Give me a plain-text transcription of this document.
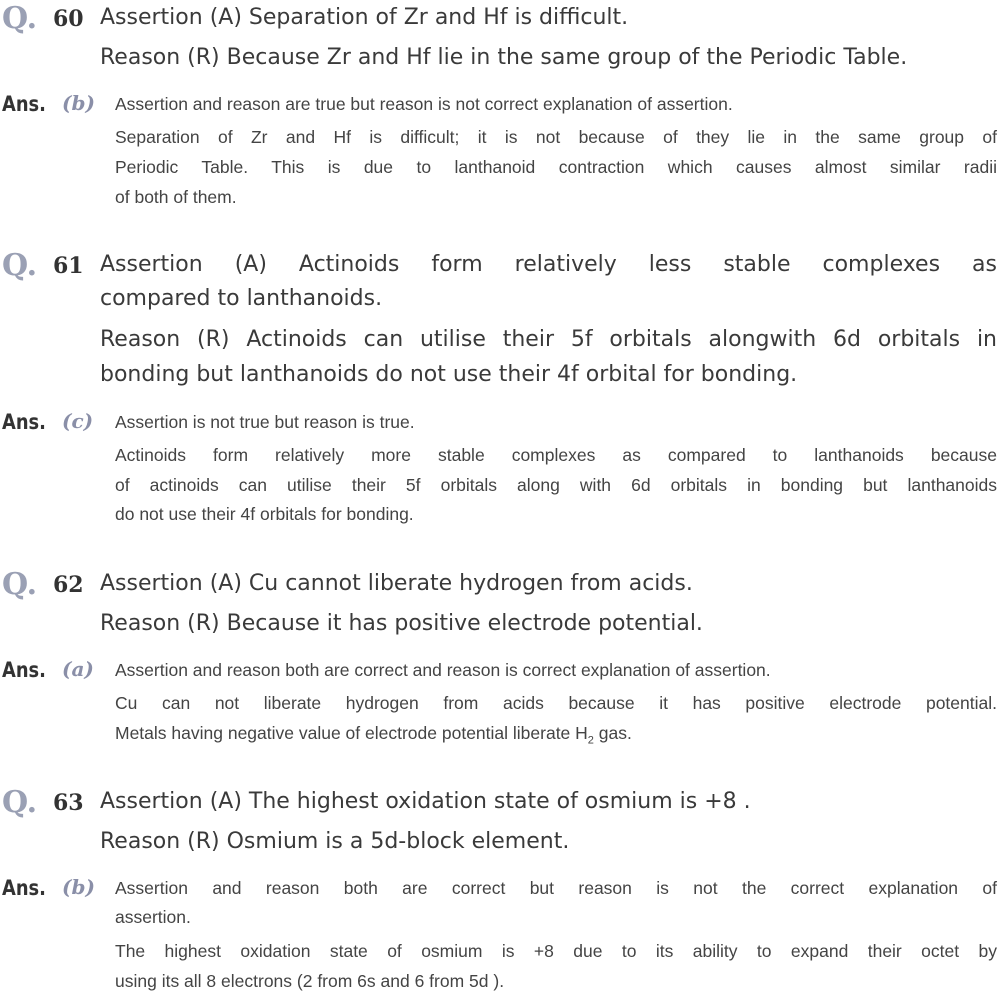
Q. 60 Assertion (A) Separation of Zr and Hf is difficult.
Reason (R) Because Zr and Hf lie in the same group of the Periodic Table.
Ans. (b) Assertion and reason are true but reason is not correct explanation of assertion.
Separation of Zr and Hf is difficult; it is not because of they lie in the same group of
Periodic Table. This is due to lanthanoid contraction which causes almost similar radii
of both of them.
Q. 61 Assertion (A) Actinoids form relatively less stable complexes as
compared to lanthanoids.
Reason (R) Actinoids can utilise their 5f orbitals alongwith 6d orbitals in
bonding but lanthanoids do not use their 4f orbital for bonding.
Ans. (c) Assertion is not true but reason is true.
Actinoids form relatively more stable complexes as compared to lanthanoids because
of actinoids can utilise their 5f orbitals along with 6d orbitals in bonding but lanthanoids
do not use their 4f orbitals for bonding.
Q. 62 Assertion (A) Cu cannot liberate hydrogen from acids.
Reason (R) Because it has positive electrode potential.
Ans. (a) Assertion and reason both are correct and reason is correct explanation of assertion.
Cu can not liberate hydrogen from acids because it has positive electrode potential.
Metals having negative value of electrode potential liberate $H_2$ gas.
Q. 63 Assertion (A) The highest oxidation state of osmium is +8 .
Reason (R) Osmium is a 5d-block element.
Ans. (b) Assertion and reason both are correct but reason is not the correct explanation of
assertion.
The highest oxidation state of osmium is +8 due to its ability to expand their octet by
using its all 8 electrons (2 from 6s and 6 from 5d ).
